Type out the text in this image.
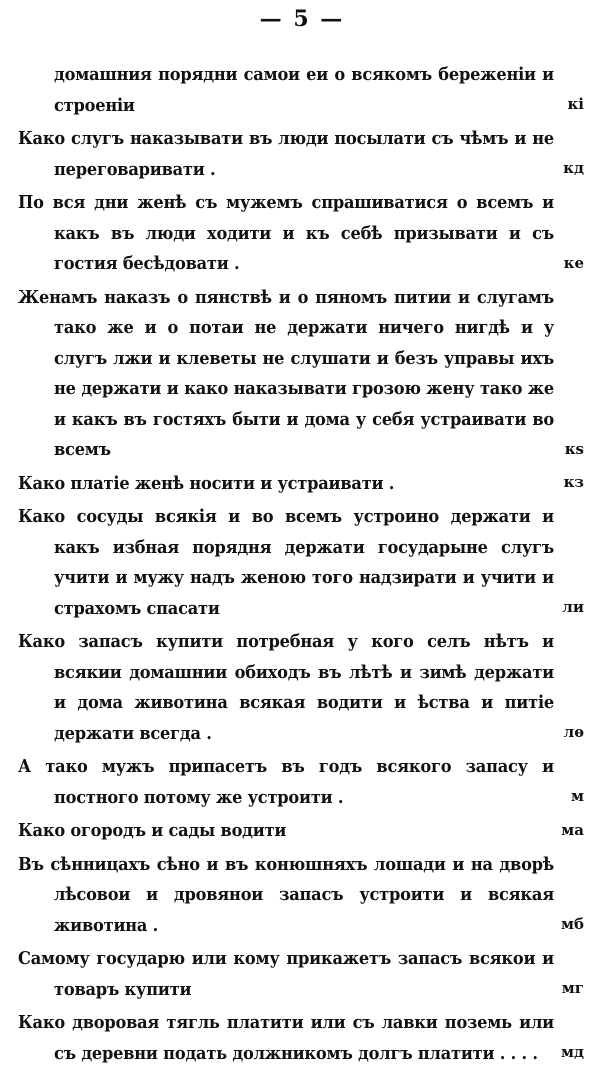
— 5 —

домашния порядни самои еи о всякомъ береженіи и строеніи	кі

Како слугъ наказывати въ люди посылати съ чѣмъ и не переговаривати .	кд

По вся дни женѣ съ мужемъ спрашиватися о всемъ и какъ въ люди ходити и къ себѣ призывати и съ гостия бесѣдовати .	ке

Женамъ наказъ о пянствѣ и о пяномъ питии и слугамъ тако же и о потаи не держати ничего нигдѣ и у слугъ лжи и клеветы не слушати и безъ управы ихъ не держати и како наказывати грозою жену тако же и какъ въ гостяхъ быти и дома у себя устраивати во всемъ	кѕ

Како платіе женѣ носити и устраивати .	кз

Како сосуды всякія и во всемъ устроино держати и какъ избная порядня держати государыне слугъ учити и мужу надъ женою того надзирати и учити и страхомъ спасати	ли

Како запасъ купити потребная у кого селъ нѣтъ и всякии домашнии обиходъ въ лѣтѣ и зимѣ держати и дома животина всякая водити и ѣства и питіе держати всегда .	лѳ

А тако мужъ припасетъ въ годъ всякого запасу и постного потому же устроити .	м

Како огородъ и сады водити	ма

Въ сѣнницахъ сѣно и въ конюшняхъ лошади и на дворѣ лѣсовои и дровянои запасъ устроити и всякая животина .	мб

Самому государю или кому прикажетъ запасъ всякои и товаръ купити	мг

Како дворовая тягль платити или съ лавки поземь или съ деревни подать должникомъ долгъ платити . . . .	мд
